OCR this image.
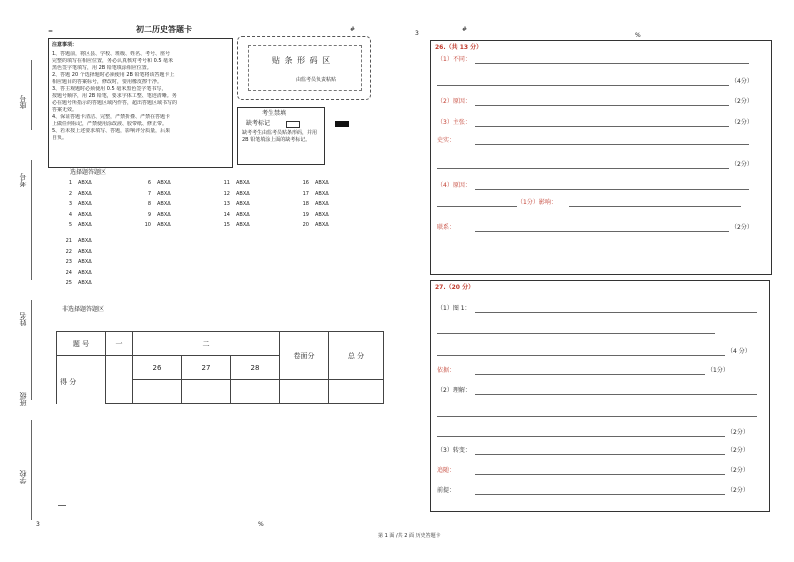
=	初二历史答题卡	#
3
#
%
3	%
第 1 面 /共 2 面 历史答题卡
座号
考号
姓名
班级
学校
注意事项：
1、答题前，将区县、学校、班级、姓名、考号、座号
完整的填写在相应位置，务必认真核对考号和 0.5 毫米
黑色签字笔填写，用 2B 铅笔填涂相应位置。
2、答题 20 个选择题时必须使用 2B 铅笔将该答题卡上
相应题目的答案标号，修改时，要用橡皮擦干净。
3、答主观题时必须使用 0.5 毫米黑色签字笔书写，
按题号顺序，用 2B 铅笔，要求字体工整、笔迹清晰。务
必在题号所指示的答题区域内作答，超出答题区域书写的
答案无效。
4、保证答题卡清洁、完整，严禁折叠、严禁在答题卡
上做任何标记，严禁使用涂改液、胶带纸、修正带。
5、若未按上述要求填写、答题，影响评分质量，后果
自负。
贴 条 形 码 区
由监考员负责粘贴
考生禁填
缺考标记
缺考考生由监考员贴条形码，并用 2B 铅笔填涂上面的缺考标记。
选择题答题区
1 ABXΔ
2 ABXΔ
3 ABXΔ
4 ABXΔ
5 ABXΔ
6 ABXΔ
7 ABXΔ
8 ABXΔ
9 ABXΔ
10 ABXΔ
11 ABXΔ
12 ABXΔ
13 ABXΔ
14 ABXΔ
15 ABXΔ
16 ABXΔ
17 ABXΔ
18 ABXΔ
19 ABXΔ
20 ABXΔ
21 ABXΔ
22 ABXΔ
23 ABXΔ
24 ABXΔ
25 ABXΔ
非选择题答题区
题 号	一	二			卷面分	总 分
		26	27	28		

得 分
26.（共 13 分）
（1）不同：
（4分）
（2）原因：	（2分）
（3）主张：	（2分）
史实：
（2分）
（4）原因：
（1分）影响：
联系：	（2分）
27.（20 分）
（1）图 1：
（4 分）
依据：	（1分）
（2）理解：
（2分）
（3）转变：	（2分）
追随：	（2分）
前提：	（2分）
